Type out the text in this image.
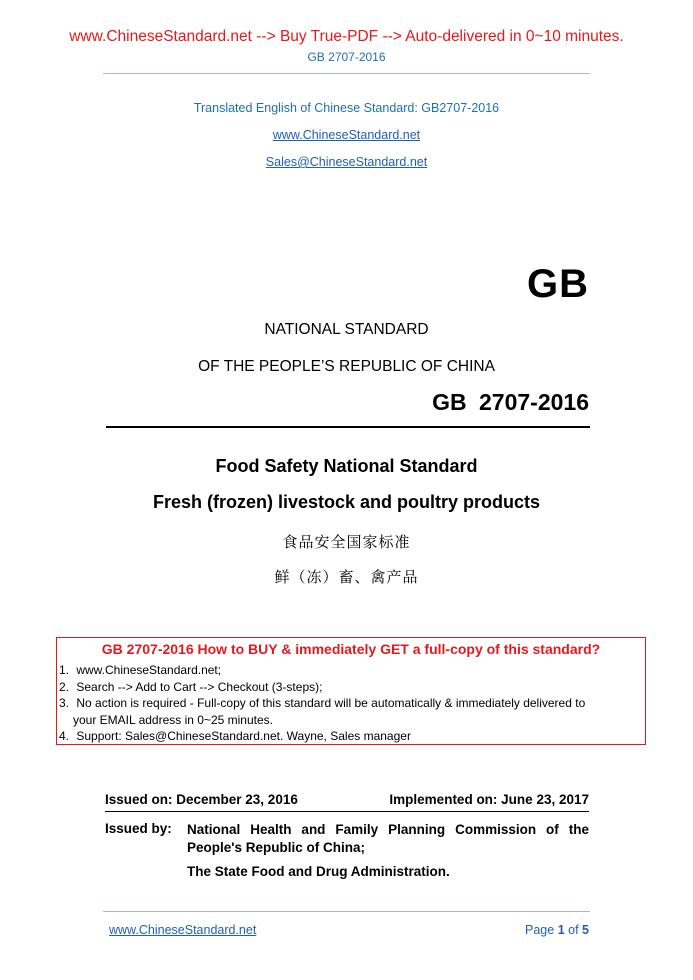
www.ChineseStandard.net --> Buy True-PDF --> Auto-delivered in 0~10 minutes.
GB 2707-2016
Translated English of Chinese Standard: GB2707-2016
www.ChineseStandard.net
Sales@ChineseStandard.net
GB
NATIONAL STANDARD
OF THE PEOPLE’S REPUBLIC OF CHINA
GB 2707-2016
Food Safety National Standard
Fresh (frozen) livestock and poultry products
食品安全国家标准
鲜（冻）畜、禽产品
GB 2707-2016 How to BUY & immediately GET a full-copy of this standard?
1. www.ChineseStandard.net;
2. Search --> Add to Cart --> Checkout (3-steps);
3. No action is required - Full-copy of this standard will be automatically & immediately delivered to
your EMAIL address in 0~25 minutes.
4. Support: Sales@ChineseStandard.net. Wayne, Sales manager
Issued on: December 23, 2016	Implemented on: June 23, 2017
Issued by: National Health and Family Planning Commission of the People's Republic of China;
The State Food and Drug Administration.
www.ChineseStandard.net	Page 1 of 5
